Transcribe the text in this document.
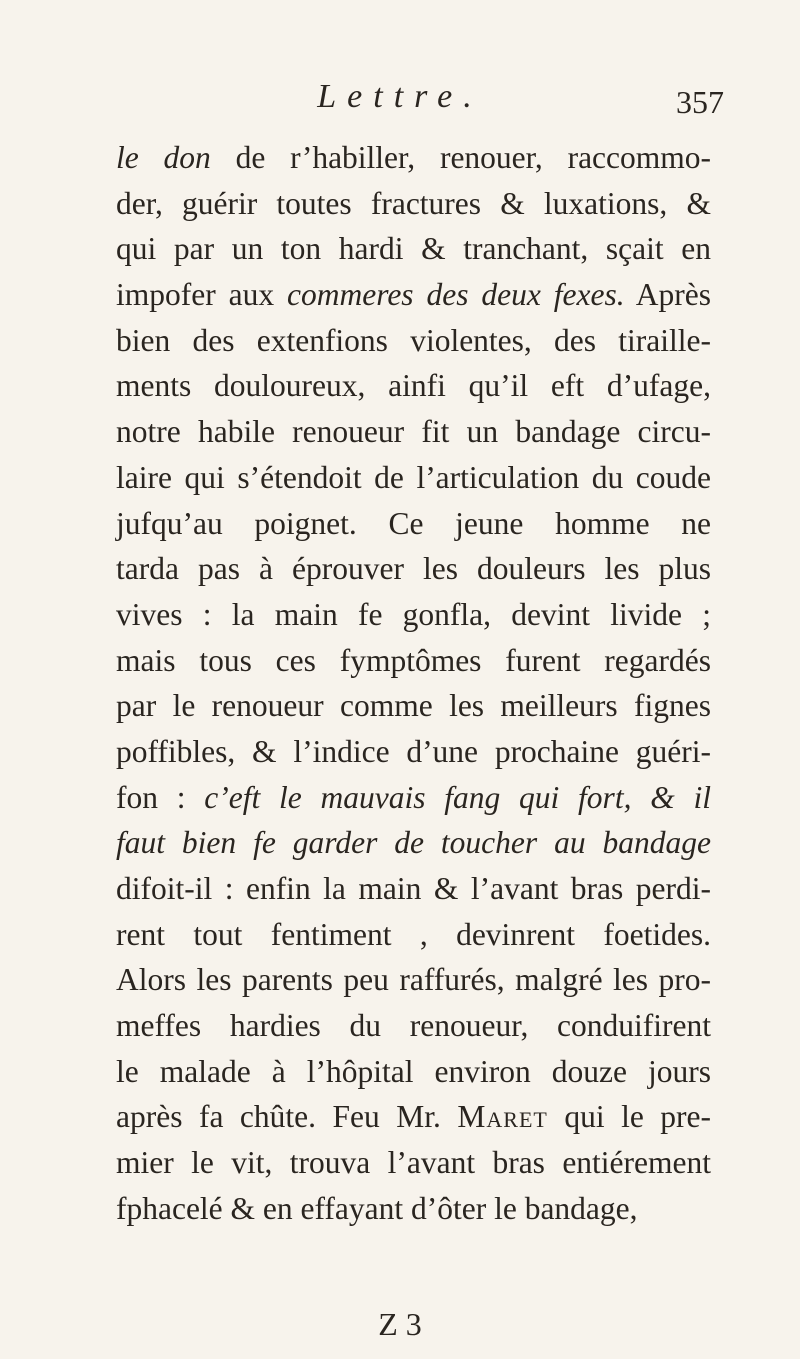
Lettre.	357
le don de r’habiller, renouer, raccommo-
der, guérir toutes fractures & luxations, &
qui par un ton hardi & tranchant, sçait en
impofer aux commeres des deux fexes. Après
bien des extenfions violentes, des tiraille-
ments douloureux, ainfi qu’il eft d’ufage,
notre habile renoueur fit un bandage circu-
laire qui s’étendoit de l’articulation du coude
jufqu’au poignet. Ce jeune homme ne
tarda pas à éprouver les douleurs les plus
vives : la main fe gonfla, devint livide ;
mais tous ces fymptômes furent regardés
par le renoueur comme les meilleurs fignes
poffibles, & l’indice d’une prochaine guéri-
fon : c’eft le mauvais fang qui fort, & il
faut bien fe garder de toucher au bandage
difoit-il : enfin la main & l’avant bras perdi-
rent tout fentiment , devinrent foetides.
Alors les parents peu raffurés, malgré les pro-
meffes hardies du renoueur, conduifirent
le malade à l’hôpital environ douze jours
après fa chûte. Feu Mr. Maret qui le pre-
mier le vit, trouva l’avant bras entiérement
fphacelé & en effayant d’ôter le bandage,
Z 3
